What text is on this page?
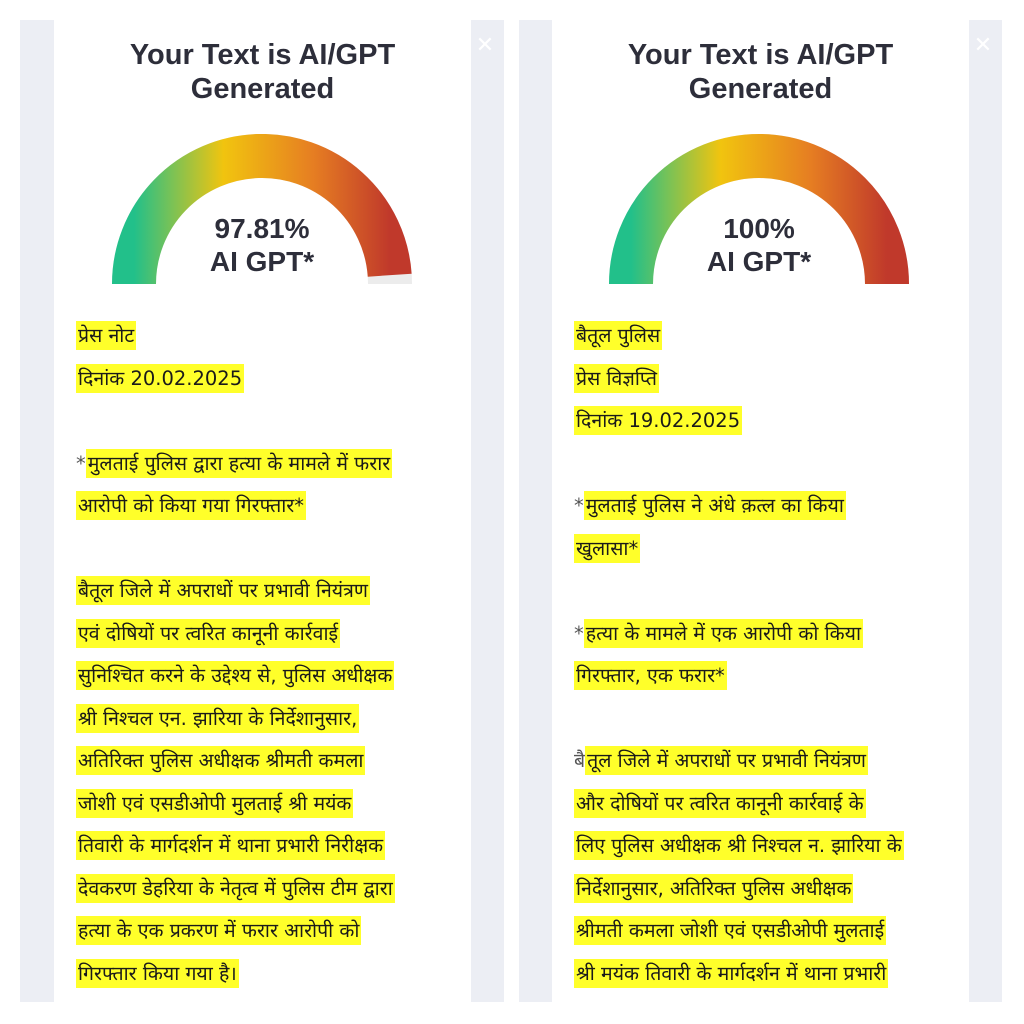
Your Text is AI/GPT
Generated
97.81%
AI GPT*
प्रेस नोट
दिनांक 20.02.2025
* मुलताई पुलिस द्वारा हत्या के मामले में फरार
आरोपी को किया गया गिरफ्तार*
बैतूल जिले में अपराधों पर प्रभावी नियंत्रण
एवं दोषियों पर त्वरित कानूनी कार्रवाई
सुनिश्चित करने के उद्देश्य से, पुलिस अधीक्षक
श्री निश्चल एन. झारिया के निर्देशानुसार,
अतिरिक्त पुलिस अधीक्षक श्रीमती कमला
जोशी एवं एसडीओपी मुलताई श्री मयंक
तिवारी के मार्गदर्शन में थाना प्रभारी निरीक्षक
देवकरण डेहरिया के नेतृत्व में पुलिस टीम द्वारा
हत्या के एक प्रकरण में फरार आरोपी को
गिरफ्तार किया गया है।
✕	Your Text is AI/GPT
Generated
100%
AI GPT*
बैतूल पुलिस
प्रेस विज्ञप्ति
दिनांक 19.02.2025
* मुलताई पुलिस ने अंधे क़त्ल का किया
खुलासा*
* हत्या के मामले में एक आरोपी को किया
गिरफ्तार, एक फरार*
बै तूल जिले में अपराधों पर प्रभावी नियंत्रण
और दोषियों पर त्वरित कानूनी कार्रवाई के
लिए पुलिस अधीक्षक श्री निश्चल न. झारिया के
निर्देशानुसार, अतिरिक्त पुलिस अधीक्षक
श्रीमती कमला जोशी एवं एसडीओपी मुलताई
श्री मयंक तिवारी के मार्गदर्शन में थाना प्रभारी
✕
